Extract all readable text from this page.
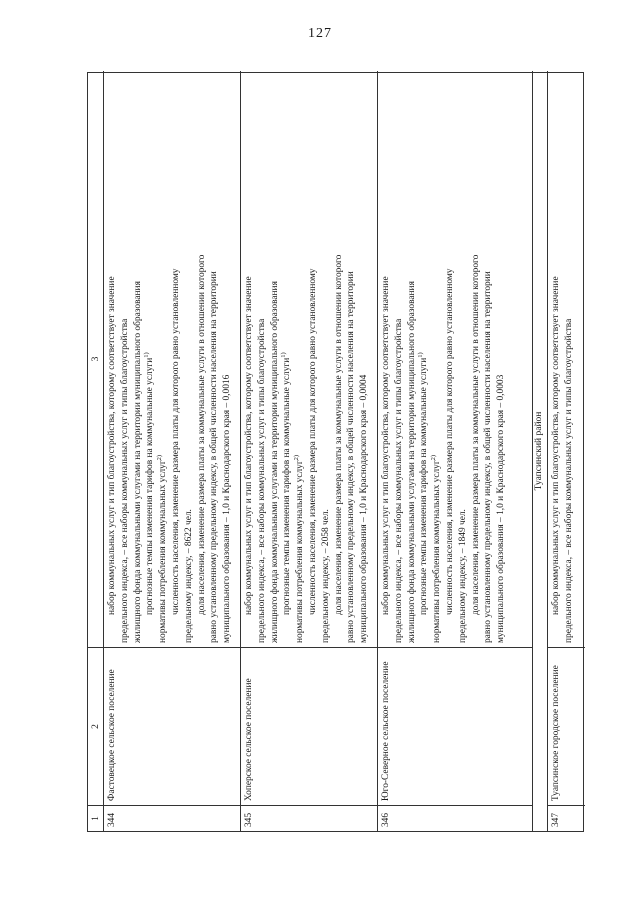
127
1
2
3
344
Фастовецкое сельское поселение
набор коммунальных услуг и тип благоустройства, которому соответствует значение предельного индекса, – все наборы коммунальных услуг и типы благоустройства жилищного фонда коммунальными услугами на территории муниципального образования прогнозные темпы изменения тарифов на коммунальные услуги$^{1)}$
нормативы потребления коммунальных услуг$^{2)}$ численность населения, изменение размера платы для которого равно установленному предельному индексу, – 8622 чел. доля населения, изменение размера платы за коммунальные услуги в отношении которого равно установленному предельному индексу, в общей численности населения на территории муниципального образования – 1,0 и Краснодарского края – 0,0016
345
Хоперское сельское поселение
набор коммунальных услуг и тип благоустройства, которому соответствует значение предельного индекса, – все наборы коммунальных услуг и типы благоустройства жилищного фонда коммунальными услугами на территории муниципального образования прогнозные темпы изменения тарифов на коммунальные услуги$^{1)}$
нормативы потребления коммунальных услуг$^{2)}$ численность населения, изменение размера платы для которого равно установленному предельному индексу, – 2058 чел. доля населения, изменение размера платы за коммунальные услуги в отношении которого равно установленному предельному индексу, в общей численности населения на территории муниципального образования – 1,0 и Краснодарского края – 0,0004
346
Юго-Северное сельское поселение
набор коммунальных услуг и тип благоустройства, которому соответствует значение предельного индекса, – все наборы коммунальных услуг и типы благоустройства жилищного фонда коммунальными услугами на территории муниципального образования прогнозные темпы изменения тарифов на коммунальные услуги$^{1)}$
нормативы потребления коммунальных услуг$^{2)}$ численность населения, изменение размера платы для которого равно установленному предельному индексу, – 1849 чел. доля населения, изменение размера платы за коммунальные услуги в отношении которого равно установленному предельному индексу, в общей численности населения на территории муниципального образования – 1,0 и Краснодарского края – 0,0003	Туапсинский район
347
Туапсинское городское поселение
набор коммунальных услуг и тип благоустройства, которому соответствует значение предельного индекса, – все наборы коммунальных услуг и типы благоустройства
